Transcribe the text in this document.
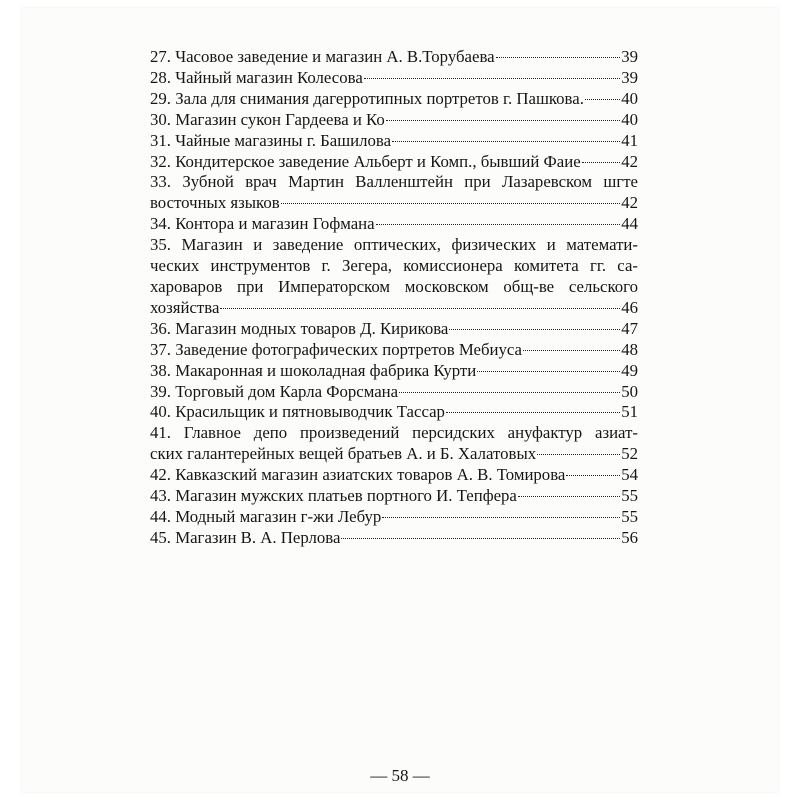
27. Часовое заведение и магазин А. В.Торубаева	39
28. Чайный магазин Колесова	39
29. Зала для снимания дагерротипных портретов г. Пашкова. 40
30. Магазин сукон Гардеева и Ко	40
31. Чайные магазины г. Башилова	41
32. Кондитерское заведение Альберт и Комп., бывший Фаие 42
33. Зубной врач Мартин Валленштейн при Лазаревском шгте
восточных языков	42
34. Контора и магазин Гофмана	44
35. Магазин и заведение оптических, физических и математи-
ческих инструментов г. Зегера, комиссионера комитета гг. са-
хароваров при Императорском московском общ-ве сельского
хозяйства	46
36. Магазин модных товаров Д. Кирикова	47
37. Заведение фотографических портретов Мебиуса	48
38. Макаронная и шоколадная фабрика Курти	49
39. Торговый дом Карла Форсмана	50
40. Красильщик и пятновыводчик Тассар	51
41. Главное депо произведений персидских ануфактур азиат-
ских галантерейных вещей братьев А. и Б. Халатовых	52
42. Кавказский магазин азиатских товаров А. В. Томирова	54
43. Магазин мужских платьев портного И. Тепфера	55
44. Модный магазин г-жи Лебур	55
45. Магазин В. А. Перлова	56
— 58 —
